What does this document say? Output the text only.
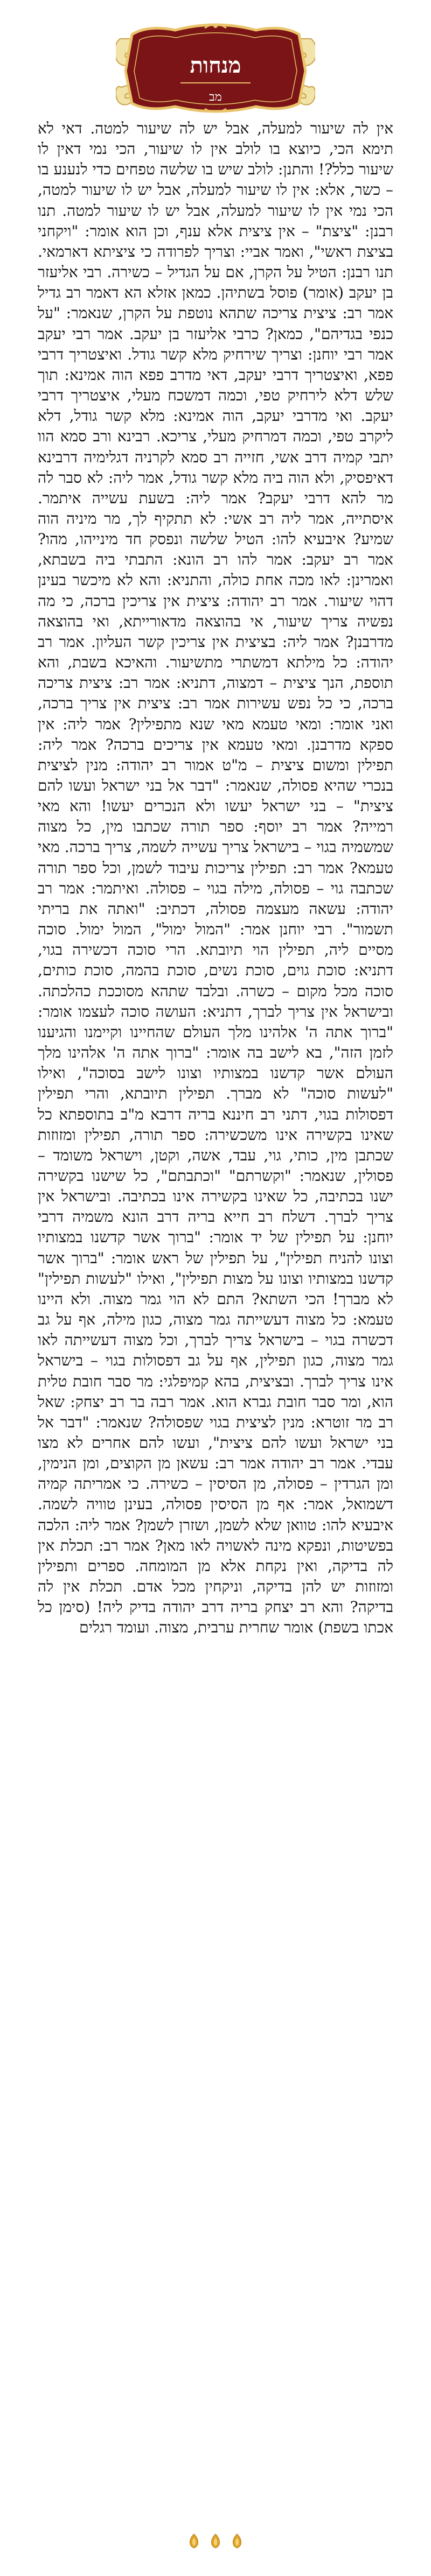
מנחות
מב

אין לה שיעור למעלה, אבל יש לה שיעור למטה. דאי לא תימא הכי, כיוצא בו לולב אין לו שיעור, הכי נמי דאין לו שיעור כלל?! והתנן: לולב שיש בו שלשה טפחים כדי לנענע בו – כשר, אלא: אין לו שיעור למעלה, אבל יש לו שיעור למטה, הכי נמי אין לו שיעור למעלה, אבל יש לו שיעור למטה. תנו רבנן: "ציצת" – אין ציצית אלא ענף, וכן הוא אומר: "ויקחני בציצת ראשי", ואמר אביי: וצריך לפרודה כי ציציתא דארמאי. תנו רבנן: הטיל על הקרן, אם על הגדיל – כשירה. רבי אליעזר בן יעקב (אומר) פוסל בשתיהן. כמאן אזלא הא דאמר רב גדיל אמר רב: ציצית צריכה שתהא נוטפת על הקרן, שנאמר: "על כנפי בגדיהם", כמאן? כרבי אליעזר בן יעקב. אמר רבי יעקב אמר רבי יוחנן: וצריך שירחיק מלא קשר גודל. ואיצטריך דרבי פפא, ואיצטריך דרבי יעקב, דאי מדרב פפא הוה אמינא: תוך שלש דלא לירחיק טפי, וכמה דמשכח מעלי, איצטריך דרבי יעקב. ואי מדרבי יעקב, הוה אמינא: מלא קשר גודל, דלא ליקרב טפי, וכמה דמרחיק מעלי, צריכא. רבינא ורב סמא הוו יתבי קמיה דרב אשי, חזייה רב סמא לקרניה דגלימיה דרבינא דאיפסיק, ולא הוה ביה מלא קשר גודל, אמר ליה: לא סבר לה מר להא דרבי יעקב? אמר ליה: בשעת עשייה איתמר. איסתייה, אמר ליה רב אשי: לא תתקיף לך, מר מיניה הוה שמיע? איבעיא להו: הטיל שלשה ונפסק חד מינייהו, מהו? אמר רב יעקב: אמר להו רב הונא: התבתי ביה בשבתא, ואמרינן: לאו מכה אחת כולה, והתניא: והא לא מיכשר בעינן דהוי שיעור. אמר רב יהודה: ציצית אין צריכין ברכה, כי מה נפשיה צריך שיעור, אי בהוצאה מדאורייתא, ואי בהוצאה מדרבנן? אמר ליה: בציצית אין צריכין קשר העליון. אמר רב יהודה: כל מילתא דמשתרי מתשיעור. והאיכא בשבת, והא תוספת, הנך ציצית – דמצוה, דתניא: אמר רב: ציצית צריכה ברכה, כי כל נפש עשירות אמר רב: ציצית אין צריך ברכה, ואני אומר: ומאי טעמא מאי שנא מתפילין? אמר ליה: אין ספקא מדרבנן. ומאי טעמא אין צריכים ברכה? אמר ליה: תפילין ומשום ציצית – מ"ט אמור רב יהודה: מנין לציצית בנכרי שהיא פסולה, שנאמר: "דבר אל בני ישראל ועשו להם ציצית" – בני ישראל יעשו ולא הנכרים יעשו! והא מאי רמייה? אמר רב יוסף: ספר תורה שכתבו מין, כל מצוה שמשמיה בגוי – בישראל צריך עשייה לשמה, צריך ברכה. מאי טעמא? אמר רב: תפילין צריכות עיבוד לשמן, וכל ספר תורה שכתבה גוי – פסולה, מילה בגוי – פסולה. ואיתמר: אמר רב יהודה: עשאה מעצמה פסולה, דכתיב: "ואתה את בריתי תשמור". רבי יוחנן אמר: "המול ימול", המול ימול. סוכה מסיים ליה, תפילין הוי תיובתא. הרי סוכה דכשירה בגוי, דתניא: סוכת גוים, סוכת נשים, סוכת בהמה, סוכת כותים, סוכה מכל מקום – כשרה. ובלבד שתהא מסוככת כהלכתה. ובישראל אין צריך לברך, דתניא: העושה סוכה לעצמו אומר: "ברוך אתה ה' אלהינו מלך העולם שהחיינו וקיימנו והגיענו לזמן הזה", בא לישב בה אומר: "ברוך אתה ה' אלהינו מלך העולם אשר קדשנו במצותיו וצונו לישב בסוכה", ואילו "לעשות סוכה" לא מברך. תפילין תיובתא, והרי תפילין דפסולות בגוי, דתני רב חיננא בריה דרבא מ"ב בתוספתא כל שאינו בקשירה אינו משכשירה: ספר תורה, תפילין ומזוזות שכתבן מין, כותי, גוי, עבד, אשה, וקטן, וישראל משומד – פסולין, שנאמר: "וקשרתם" "וכתבתם", כל שישנו בקשירה ישנו בכתיבה, כל שאינו בקשירה אינו בכתיבה. ובישראל אין צריך לברך. דשלח רב חייא בריה דרב הונא משמיה דרבי יוחנן: על תפילין של יד אומר: "ברוך אשר קדשנו במצותיו וצונו להניח תפילין", על תפילין של ראש אומר: "ברוך אשר קדשנו במצותיו וצונו על מצות תפילין", ואילו "לעשות תפילין" לא מברך! הכי השתא? התם לא הוי גמר מצוה. ולא היינו טעמא: כל מצוה דעשייתה גמר מצוה, כגון מילה, אף על גב דכשרה בגוי – בישראל צריך לברך, וכל מצוה דעשייתה לאו גמר מצוה, כגון תפילין, אף על גב דפסולות בגוי – בישראל אינו צריך לברך. ובציצית, בהא קמיפלגי: מר סבר חובת טלית הוא, ומר סבר חובת גברא הוא. אמר רבה בר רב יצחק: שאל רב מר זוטרא: מנין לציצית בגוי שפסולה? שנאמר: "דבר אל בני ישראל ועשו להם ציצית", ועשו להם אחרים לא מצו עבדי. אמר רב יהודה אמר רב: עשאן מן הקוצים, ומן הנימין, ומן הגרדין – פסולה, מן הסיסין – כשירה. כי אמריתה קמיה דשמואל, אמר: אף מן הסיסין פסולה, בעינן טוויה לשמה. איבעיא להו: טוואן שלא לשמן, ושזרן לשמן? אמר ליה: הלכה בפשיטות, ונפקא מינה לאשויה לאו מאן? אמר רב: תכלת אין לה בדיקה, ואין נקחת אלא מן המומחה. ספרים ותפילין ומזוזות יש להן בדיקה, וניקחין מכל אדם. תכלת אין לה בדיקה? והא רב יצחק בריה דרב יהודה בדיק ליה! (סימן כל אכתו בשפת) אומר שחרית ערבית, מצוה. ועומד רגלים
